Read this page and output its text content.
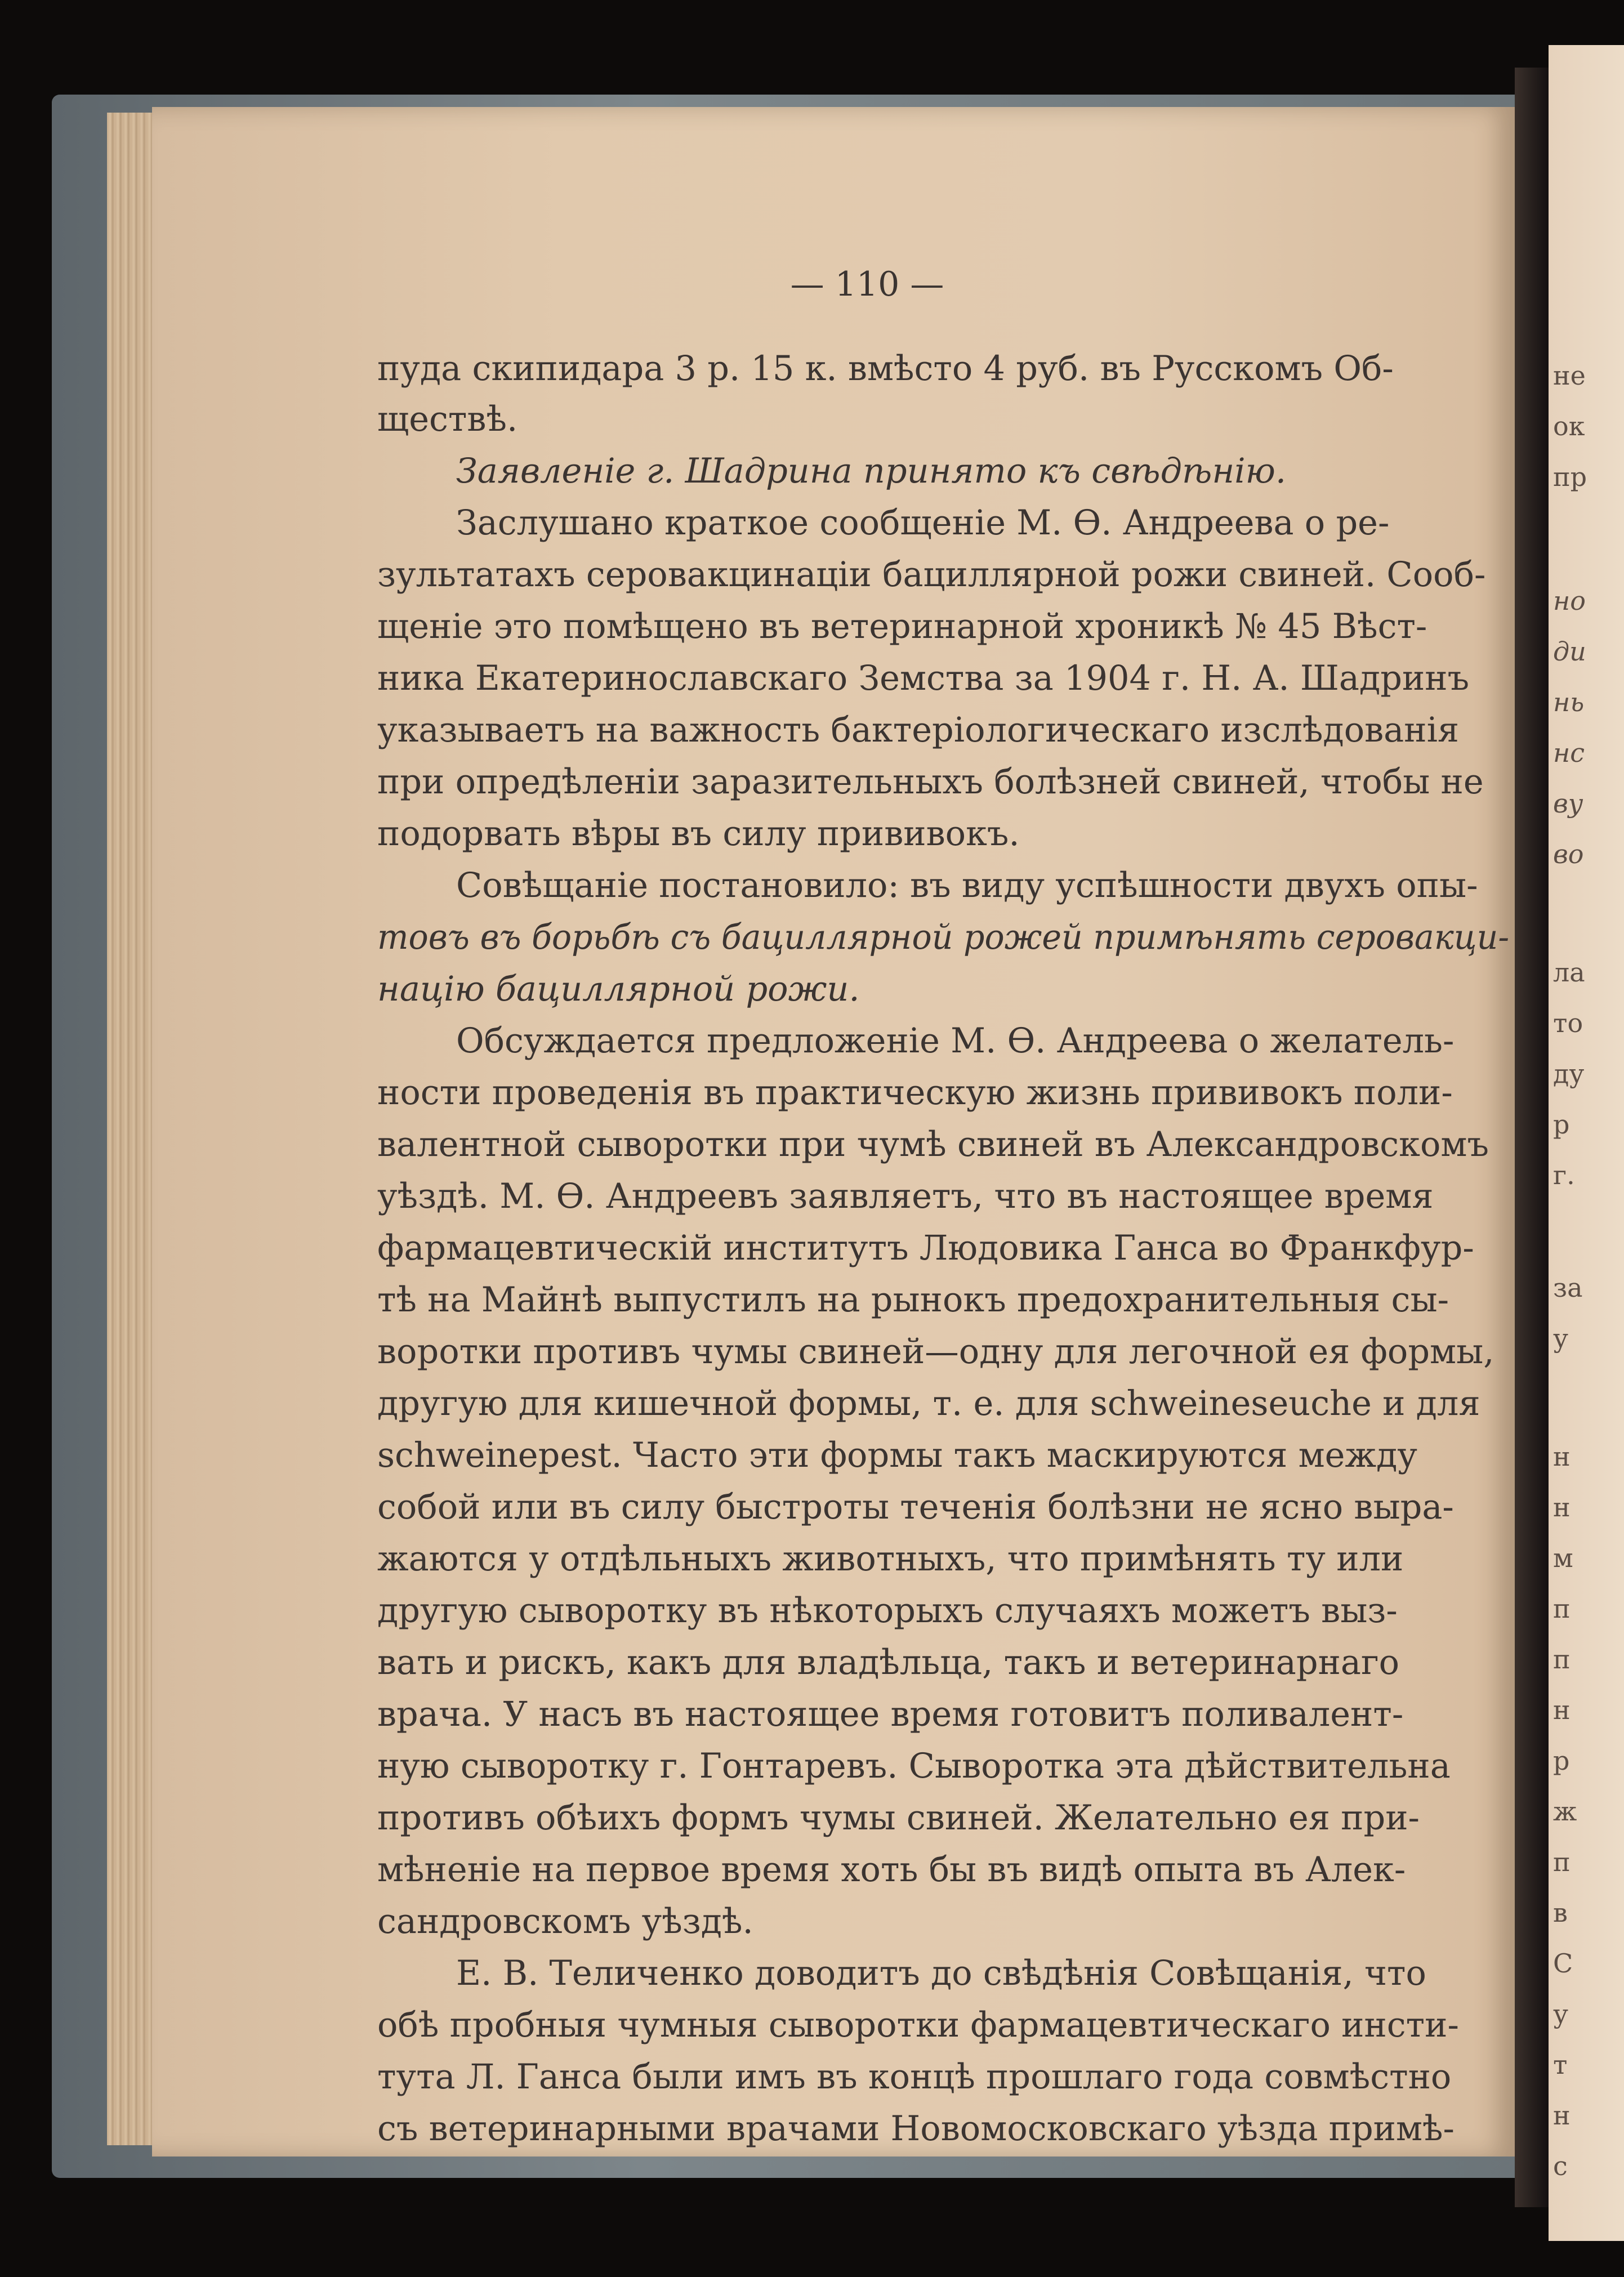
не
ок
пр
но
ди
нь
нс
ву
во
ла
то
ду
р
г.
за
у
н
н
м
п
п
н
р
ж
п
в
С
у
т
н
с
— 110 —
пуда скипидара 3 р. 15 к. вмѣсто 4 руб. въ Русскомъ Об-
ществѣ.
Заявленіе г. Шадрина принято къ свѣдѣнію.
Заслушано краткое сообщеніе М. Ѳ. Андреева о ре-
зультатахъ серовакцинаціи бациллярной рожи свиней. Сооб-
щеніе это помѣщено въ ветеринарной хроникѣ № 45 Вѣст-
ника Екатеринославскаго Земства за 1904 г. Н. А. Шадринъ
указываетъ на важность бактеріологическаго изслѣдованія
при опредѣленіи заразительныхъ болѣзней свиней, чтобы не
подорвать вѣры въ силу прививокъ.
Совѣщаніе постановило: въ виду успѣшности двухъ опы-
товъ въ борьбѣ съ бациллярной рожей примѣнять серовакци-
націю бациллярной рожи.
Обсуждается предложеніе М. Ѳ. Андреева о желатель-
ности проведенія въ практическую жизнь прививокъ поли-
валентной сыворотки при чумѣ свиней въ Александровскомъ
уѣздѣ. М. Ѳ. Андреевъ заявляетъ, что въ настоящее время
фармацевтическій институтъ Людовика Ганса во Франкфур-
тѣ на Майнѣ выпустилъ на рынокъ предохранительныя сы-
воротки противъ чумы свиней—одну для легочной ея формы,
другую для кишечной формы, т. е. для schweineseuche и для
schweinepest. Часто эти формы такъ маскируются между
собой или въ силу быстроты теченія болѣзни не ясно выра-
жаются у отдѣльныхъ животныхъ, что примѣнять ту или
другую сыворотку въ нѣкоторыхъ случаяхъ можетъ выз-
вать и рискъ, какъ для владѣльца, такъ и ветеринарнаго
врача. У насъ въ настоящее время готовитъ поливалент-
ную сыворотку г. Гонтаревъ. Сыворотка эта дѣйствительна
противъ обѣихъ формъ чумы свиней. Желательно ея при-
мѣненіе на первое время хоть бы въ видѣ опыта въ Алек-
сандровскомъ уѣздѣ.
Е. В. Теличенко доводитъ до свѣдѣнія Совѣщанія, что
обѣ пробныя чумныя сыворотки фармацевтическаго инсти-
тута Л. Ганса были имъ въ концѣ прошлаго года совмѣстно
съ ветеринарными врачами Новомосковскаго уѣзда примѣ-
